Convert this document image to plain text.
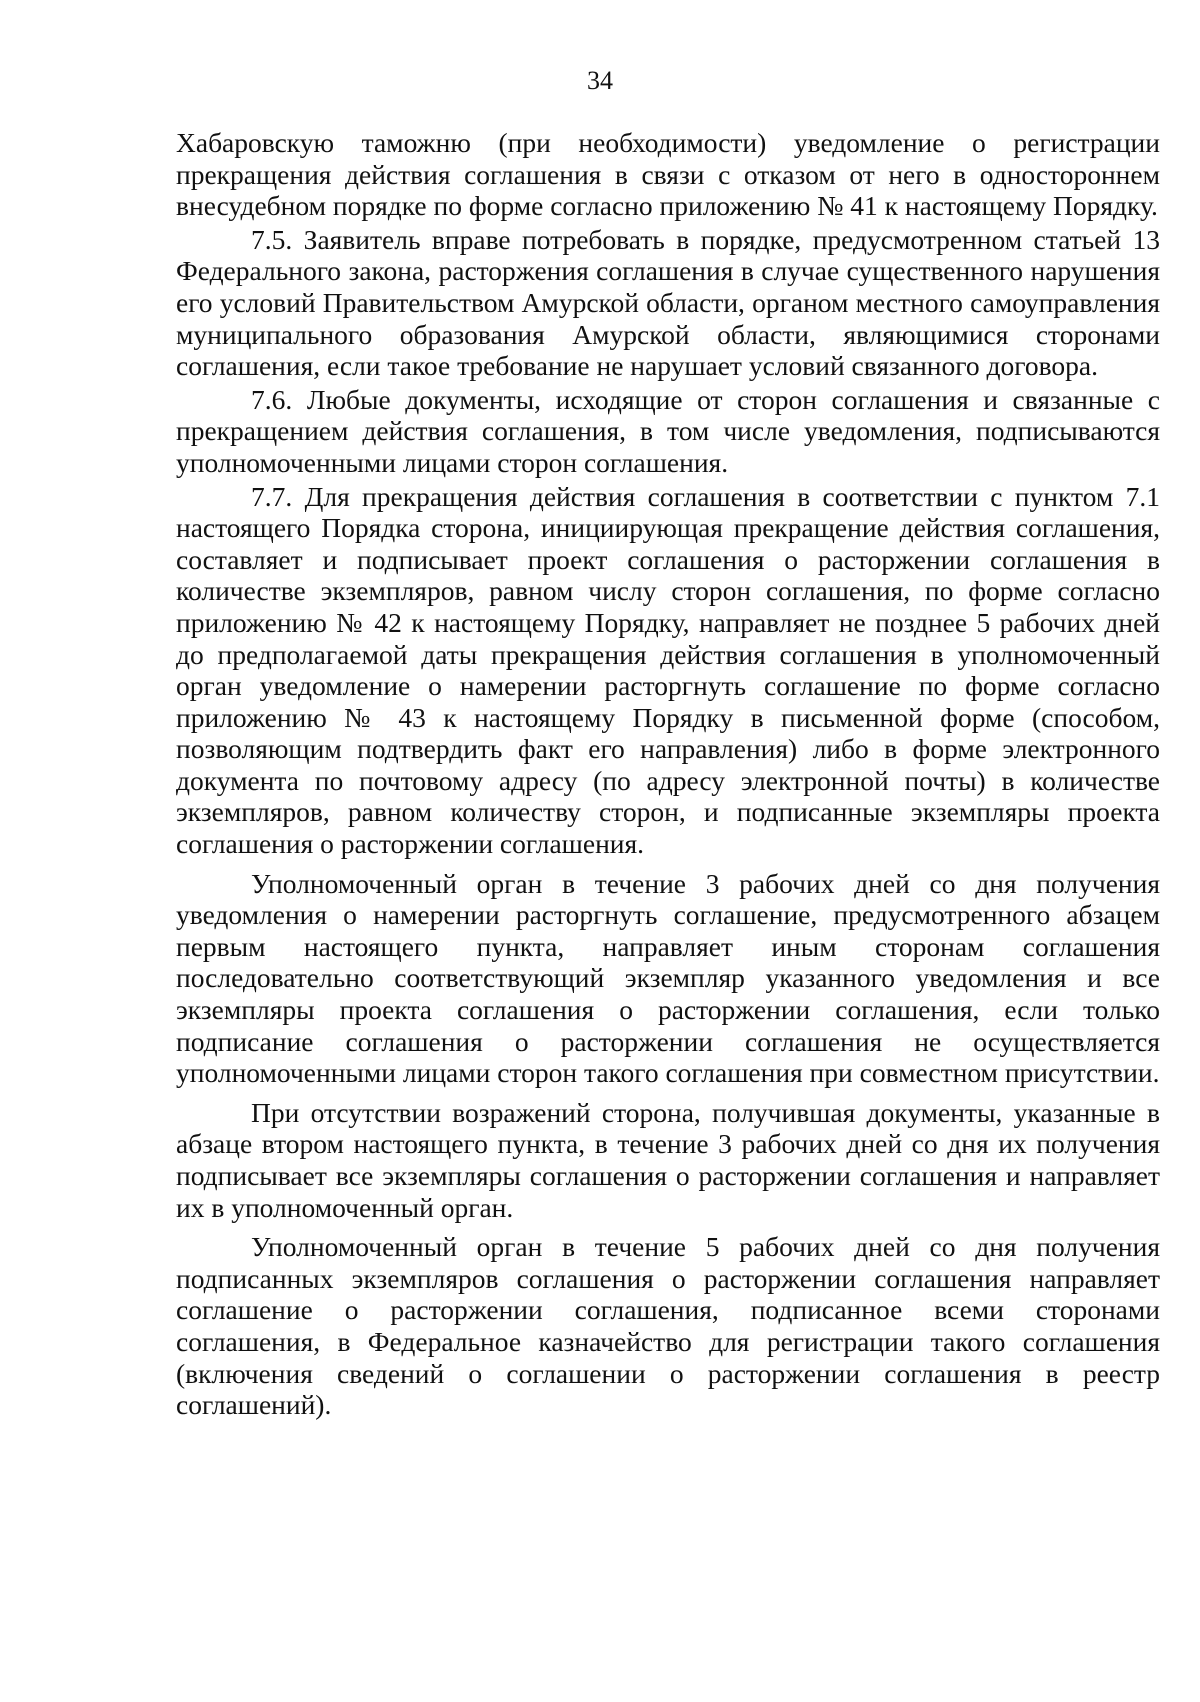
34

Хабаровскую таможню (при необходимости) уведомление о регистрации прекращения действия соглашения в связи с отказом от него в одностороннем внесудебном порядке по форме согласно приложению № 41 к настоящему Порядку.

7.5. Заявитель вправе потребовать в порядке, предусмотренном статьей 13 Федерального закона, расторжения соглашения в случае существенного нарушения его условий Правительством Амурской области, органом местного самоуправления муниципального образования Амурской области, являющимися сторонами соглашения, если такое требование не нарушает условий связанного договора.

7.6. Любые документы, исходящие от сторон соглашения и связанные с прекращением действия соглашения, в том числе уведомления, подписываются уполномоченными лицами сторон соглашения.

7.7. Для прекращения действия соглашения в соответствии с пунктом 7.1 настоящего Порядка сторона, инициирующая прекращение действия соглашения, составляет и подписывает проект соглашения о расторжении соглашения в количестве экземпляров, равном числу сторон соглашения, по форме согласно приложению № 42 к настоящему Порядку, направляет не позднее 5 рабочих дней до предполагаемой даты прекращения действия соглашения в уполномоченный орган уведомление о намерении расторгнуть соглашение по форме согласно приложению № 43 к настоящему Порядку в письменной форме (способом, позволяющим подтвердить факт его направления) либо в форме электронного документа по почтовому адресу (по адресу электронной почты) в количестве экземпляров, равном количеству сторон, и подписанные экземпляры проекта соглашения о расторжении соглашения.

Уполномоченный орган в течение 3 рабочих дней со дня получения уведомления о намерении расторгнуть соглашение, предусмотренного абзацем первым настоящего пункта, направляет иным сторонам соглашения последовательно соответствующий экземпляр указанного уведомления и все экземпляры проекта соглашения о расторжении соглашения, если только подписание соглашения о расторжении соглашения не осуществляется уполномоченными лицами сторон такого соглашения при совместном присутствии.

При отсутствии возражений сторона, получившая документы, указанные в абзаце втором настоящего пункта, в течение 3 рабочих дней со дня их получения подписывает все экземпляры соглашения о расторжении соглашения и направляет их в уполномоченный орган.

Уполномоченный орган в течение 5 рабочих дней со дня получения подписанных экземпляров соглашения о расторжении соглашения направляет соглашение о расторжении соглашения, подписанное всеми сторонами соглашения, в Федеральное казначейство для регистрации такого соглашения (включения сведений о соглашении о расторжении соглашения в реестр соглашений).
